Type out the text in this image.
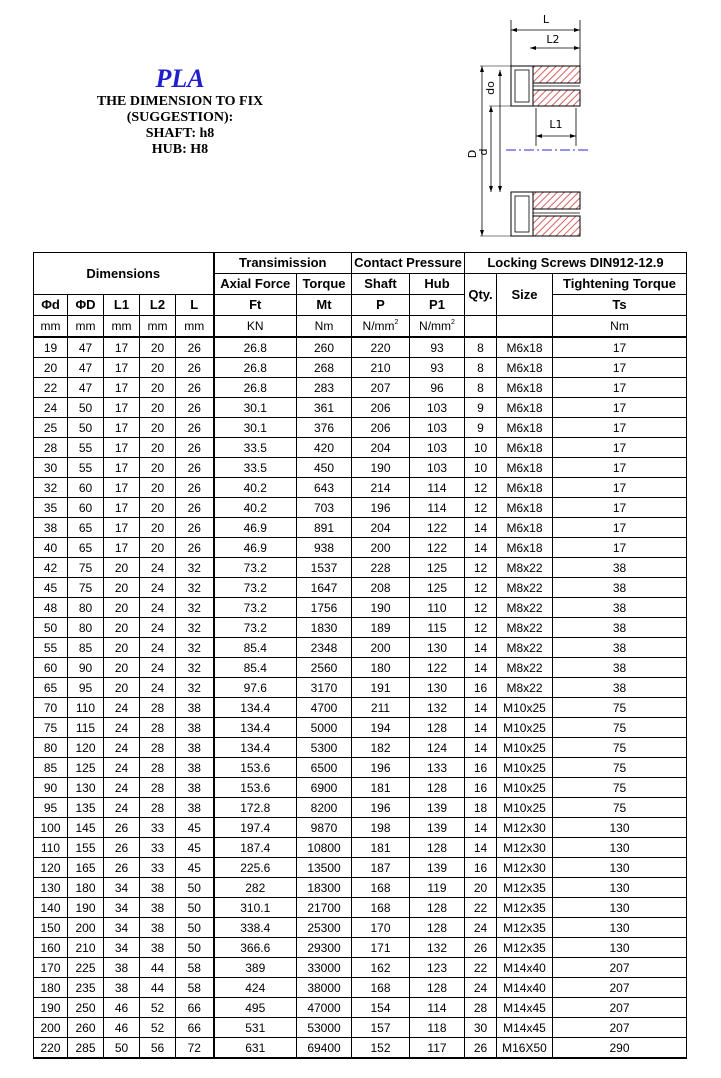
PLA
THE DIMENSION TO FIX
(SUGGESTION):
SHAFT: h8
HUB: H8
L
L2
L1
D
do
d
Dimensions					Transimission		Contact Pressure		Locking Screws DIN912-12.9		
					Axial Force	Torque	Shaft	Hub	Qty.	Size	Tightening Torque
Φd	ΦD	L1	L2	L	Ft	Mt	P	P1			Ts
mm	mm	mm	mm	mm	KN	Nm	$N/mm^2$	$N/mm^2$			Nm
19	47	17	20	26	26.8	260	220	93	8	M6x18	17
20	47	17	20	26	26.8	268	210	93	8	M6x18	17
22	47	17	20	26	26.8	283	207	96	8	M6x18	17
24	50	17	20	26	30.1	361	206	103	9	M6x18	17
25	50	17	20	26	30.1	376	206	103	9	M6x18	17
28	55	17	20	26	33.5	420	204	103	10	M6x18	17
30	55	17	20	26	33.5	450	190	103	10	M6x18	17
32	60	17	20	26	40.2	643	214	114	12	M6x18	17
35	60	17	20	26	40.2	703	196	114	12	M6x18	17
38	65	17	20	26	46.9	891	204	122	14	M6x18	17
40	65	17	20	26	46.9	938	200	122	14	M6x18	17
42	75	20	24	32	73.2	1537	228	125	12	M8x22	38
45	75	20	24	32	73.2	1647	208	125	12	M8x22	38
48	80	20	24	32	73.2	1756	190	110	12	M8x22	38
50	80	20	24	32	73.2	1830	189	115	12	M8x22	38
55	85	20	24	32	85.4	2348	200	130	14	M8x22	38
60	90	20	24	32	85.4	2560	180	122	14	M8x22	38
65	95	20	24	32	97.6	3170	191	130	16	M8x22	38
70	110	24	28	38	134.4	4700	211	132	14	M10x25	75
75	115	24	28	38	134.4	5000	194	128	14	M10x25	75
80	120	24	28	38	134.4	5300	182	124	14	M10x25	75
85	125	24	28	38	153.6	6500	196	133	16	M10x25	75
90	130	24	28	38	153.6	6900	181	128	16	M10x25	75
95	135	24	28	38	172.8	8200	196	139	18	M10x25	75
100	145	26	33	45	197.4	9870	198	139	14	M12x30	130
110	155	26	33	45	187.4	10800	181	128	14	M12x30	130
120	165	26	33	45	225.6	13500	187	139	16	M12x30	130
130	180	34	38	50	282	18300	168	119	20	M12x35	130
140	190	34	38	50	310.1	21700	168	128	22	M12x35	130
150	200	34	38	50	338.4	25300	170	128	24	M12x35	130
160	210	34	38	50	366.6	29300	171	132	26	M12x35	130
170	225	38	44	58	389	33000	162	123	22	M14x40	207
180	235	38	44	58	424	38000	168	128	24	M14x40	207
190	250	46	52	66	495	47000	154	114	28	M14x45	207
200	260	46	52	66	531	53000	157	118	30	M14x45	207
220	285	50	56	72	631	69400	152	117	26	M16X50	290
